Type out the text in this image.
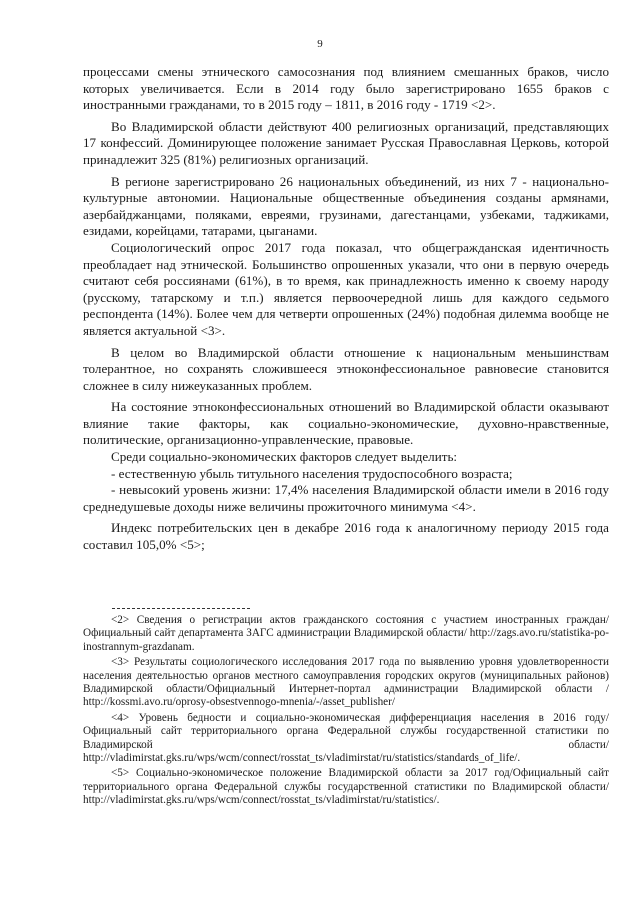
9

процессами смены этнического самосознания под влиянием смешанных браков, число которых увеличивается. Если в 2014 году было зарегистрировано 1655 браков с иностранными гражданами, то в 2015 году – 1811, в 2016 году - 1719 <2>.

Во Владимирской области действуют 400 религиозных организаций, представляющих 17 конфессий. Доминирующее положение занимает Русская Православная Церковь, которой принадлежит 325 (81%) религиозных организаций.

В регионе зарегистрировано 26 национальных объединений, из них 7 - национально-культурные автономии. Национальные общественные объединения созданы армянами, азербайджанцами, поляками, евреями, грузинами, дагестанцами, узбеками, таджиками, езидами, корейцами, татарами, цыганами.

Социологический опрос 2017 года показал, что общегражданская идентичность преобладает над этнической. Большинство опрошенных указали, что они в первую очередь считают себя россиянами (61%), в то время, как принадлежность именно к своему народу (русскому, татарскому и т.п.) является первоочередной лишь для каждого седьмого респондента (14%). Более чем для четверти опрошенных (24%) подобная дилемма вообще не является актуальной <3>.

В целом во Владимирской области отношение к национальным меньшинствам толерантное, но сохранять сложившееся этноконфессиональное равновесие становится сложнее в силу нижеуказанных проблем.

На состояние этноконфессиональных отношений во Владимирской области оказывают влияние такие факторы, как социально-экономические, духовно-нравственные, политические, организационно-управленческие, правовые.

Среди социально-экономических факторов следует выделить:

- естественную убыль титульного населения трудоспособного возраста;

- невысокий уровень жизни: 17,4% населения Владимирской области имели в 2016 году среднедушевые доходы ниже величины прожиточного минимума <4>.

Индекс потребительских цен в декабре 2016 года к аналогичному периоду 2015 года составил 105,0% <5>;

<2> Сведения о регистрации актов гражданского состояния с участием иностранных граждан/Официальный сайт департамента ЗАГС администрации Владимирской области/ http://zags.avo.ru/statistika-po-inostrannym-grazdanam.

<3> Результаты социологического исследования 2017 года по выявлению уровня удовлетворенности населения деятельностью органов местного самоуправления городских округов (муниципальных районов) Владимирской области/Официальный Интернет-портал администрации Владимирской области / http://kossmi.avo.ru/oprosy-obsestvennogo-mnenia/-/asset_publisher/

<4> Уровень бедности и социально-экономическая дифференциация населения в 2016 году/Официальный сайт территориального органа Федеральной службы государственной статистики по Владимирской области/ http://vladimirstat.gks.ru/wps/wcm/connect/rosstat_ts/vladimirstat/ru/statistics/standards_of_life/.

<5> Социально-экономическое положение Владимирской области за 2017 год/Официальный сайт территориального органа Федеральной службы государственной статистики по Владимирской области/ http://vladimirstat.gks.ru/wps/wcm/connect/rosstat_ts/vladimirstat/ru/statistics/.
